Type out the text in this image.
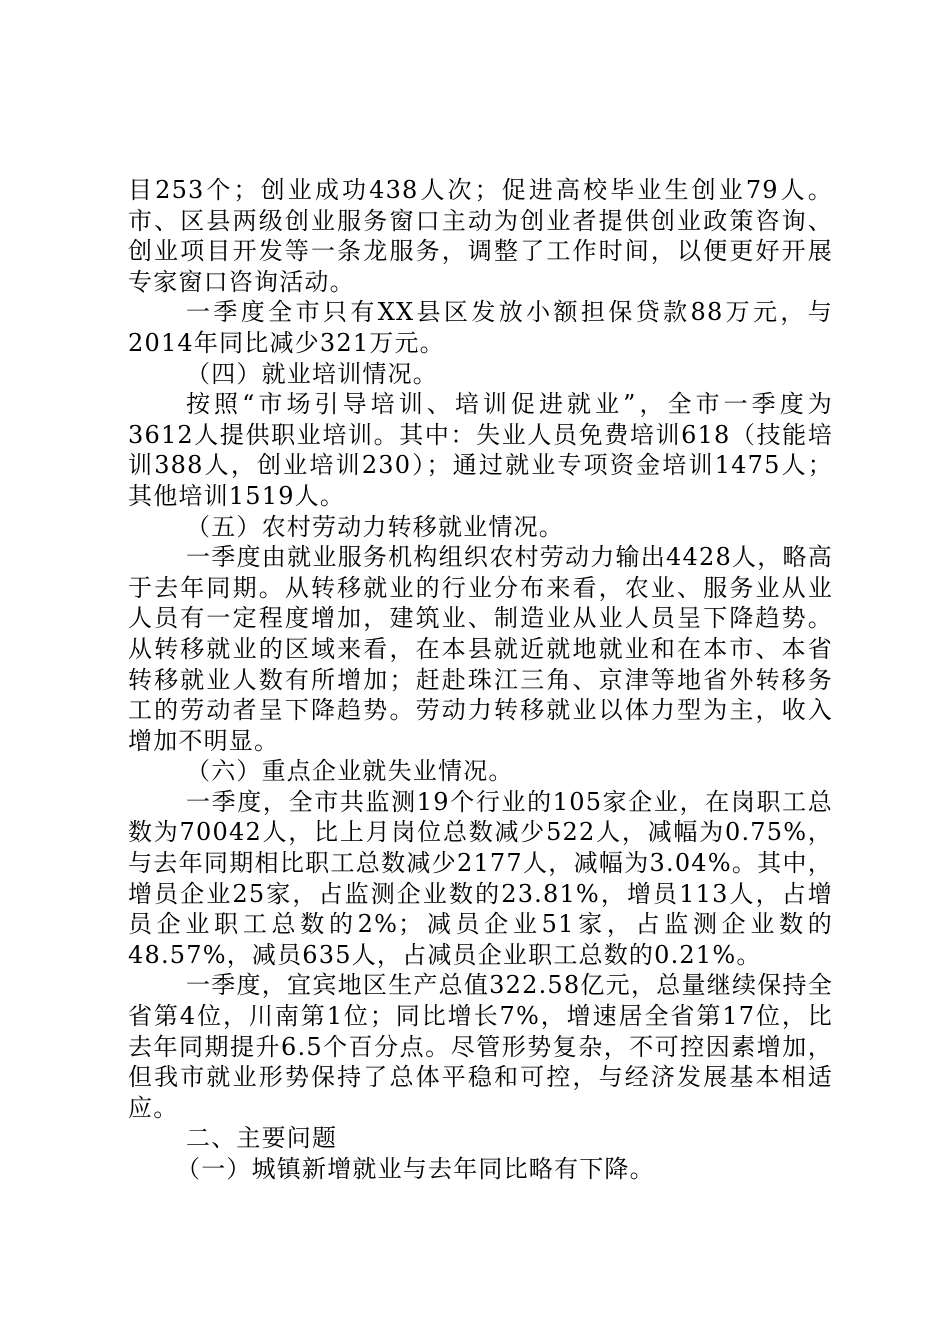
目253个；创业成功438人次；促进高校毕业生创业79人。市、区县两级创业服务窗口主动为创业者提供创业政策咨询、创业项目开发等一条龙服务，调整了工作时间，以便更好开展专家窗口咨询活动。

一季度全市只有XX县区发放小额担保贷款88万元，与2014年同比减少321万元。

（四）就业培训情况。

按照“市场引导培训、培训促进就业”，全市一季度为3612人提供职业培训。其中：失业人员免费培训618（技能培训388人，创业培训230）；通过就业专项资金培训1475人；其他培训1519人。

（五）农村劳动力转移就业情况。

一季度由就业服务机构组织农村劳动力输出4428人，略高于去年同期。从转移就业的行业分布来看，农业、服务业从业人员有一定程度增加，建筑业、制造业从业人员呈下降趋势。从转移就业的区域来看，在本县就近就地就业和在本市、本省转移就业人数有所增加；赶赴珠江三角、京津等地省外转移务工的劳动者呈下降趋势。劳动力转移就业以体力型为主，收入增加不明显。

（六）重点企业就失业情况。

一季度，全市共监测19个行业的105家企业，在岗职工总数为70042人，比上月岗位总数减少522人，减幅为0.75%，与去年同期相比职工总数减少2177人，减幅为3.04%。其中，增员企业25家，占监测企业数的23.81%，增员113人，占增员企业职工总数的2%；减员企业51家，占监测企业数的48.57%，减员635人，占减员企业职工总数的0.21%。

一季度，宜宾地区生产总值322.58亿元，总量继续保持全省第4位，川南第1位；同比增长7%，增速居全省第17位，比去年同期提升6.5个百分点。尽管形势复杂，不可控因素增加，但我市就业形势保持了总体平稳和可控，与经济发展基本相适应。

二、主要问题

（一）城镇新增就业与去年同比略有下降。
